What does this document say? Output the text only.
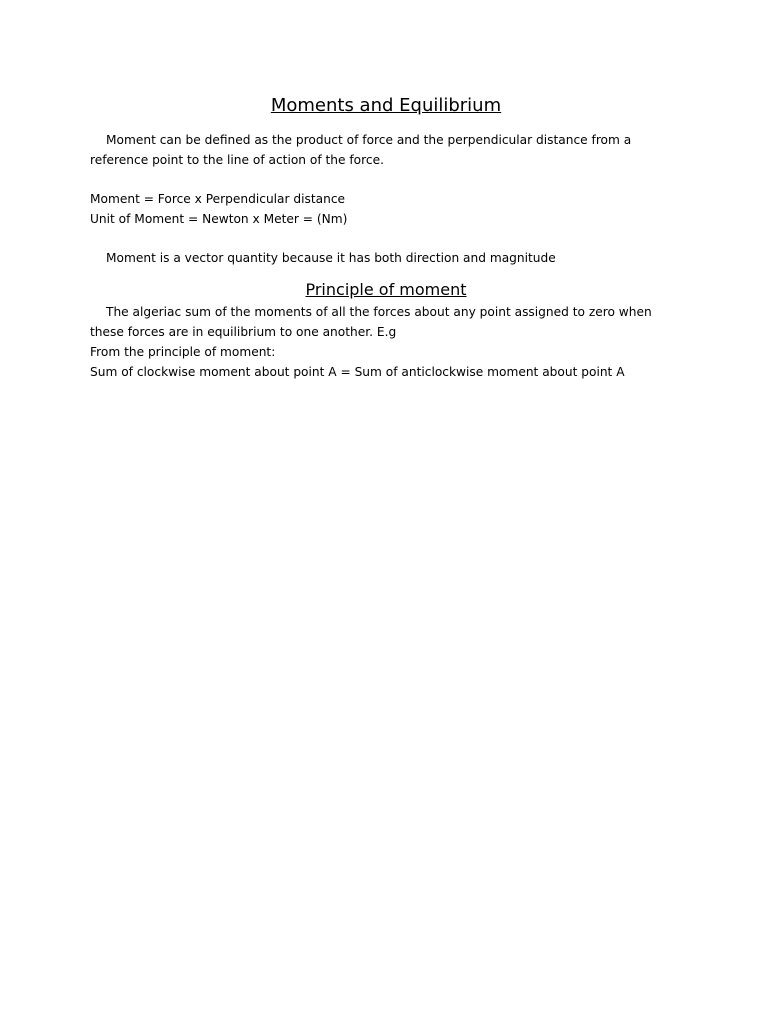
Moments and Equilibrium

Moment can be defined as the product of force and the perpendicular distance from a reference point to the line of action of the force.

Moment = Force x Perpendicular distance

Unit of Moment = Newton x Meter = (Nm)

Moment is a vector quantity because it has both direction and magnitude

Principle of moment

The algeriac sum of the moments of all the forces about any point assigned to zero when these forces are in equilibrium to one another. E.g

From the principle of moment:

Sum of clockwise moment about point A = Sum of anticlockwise moment about point A
